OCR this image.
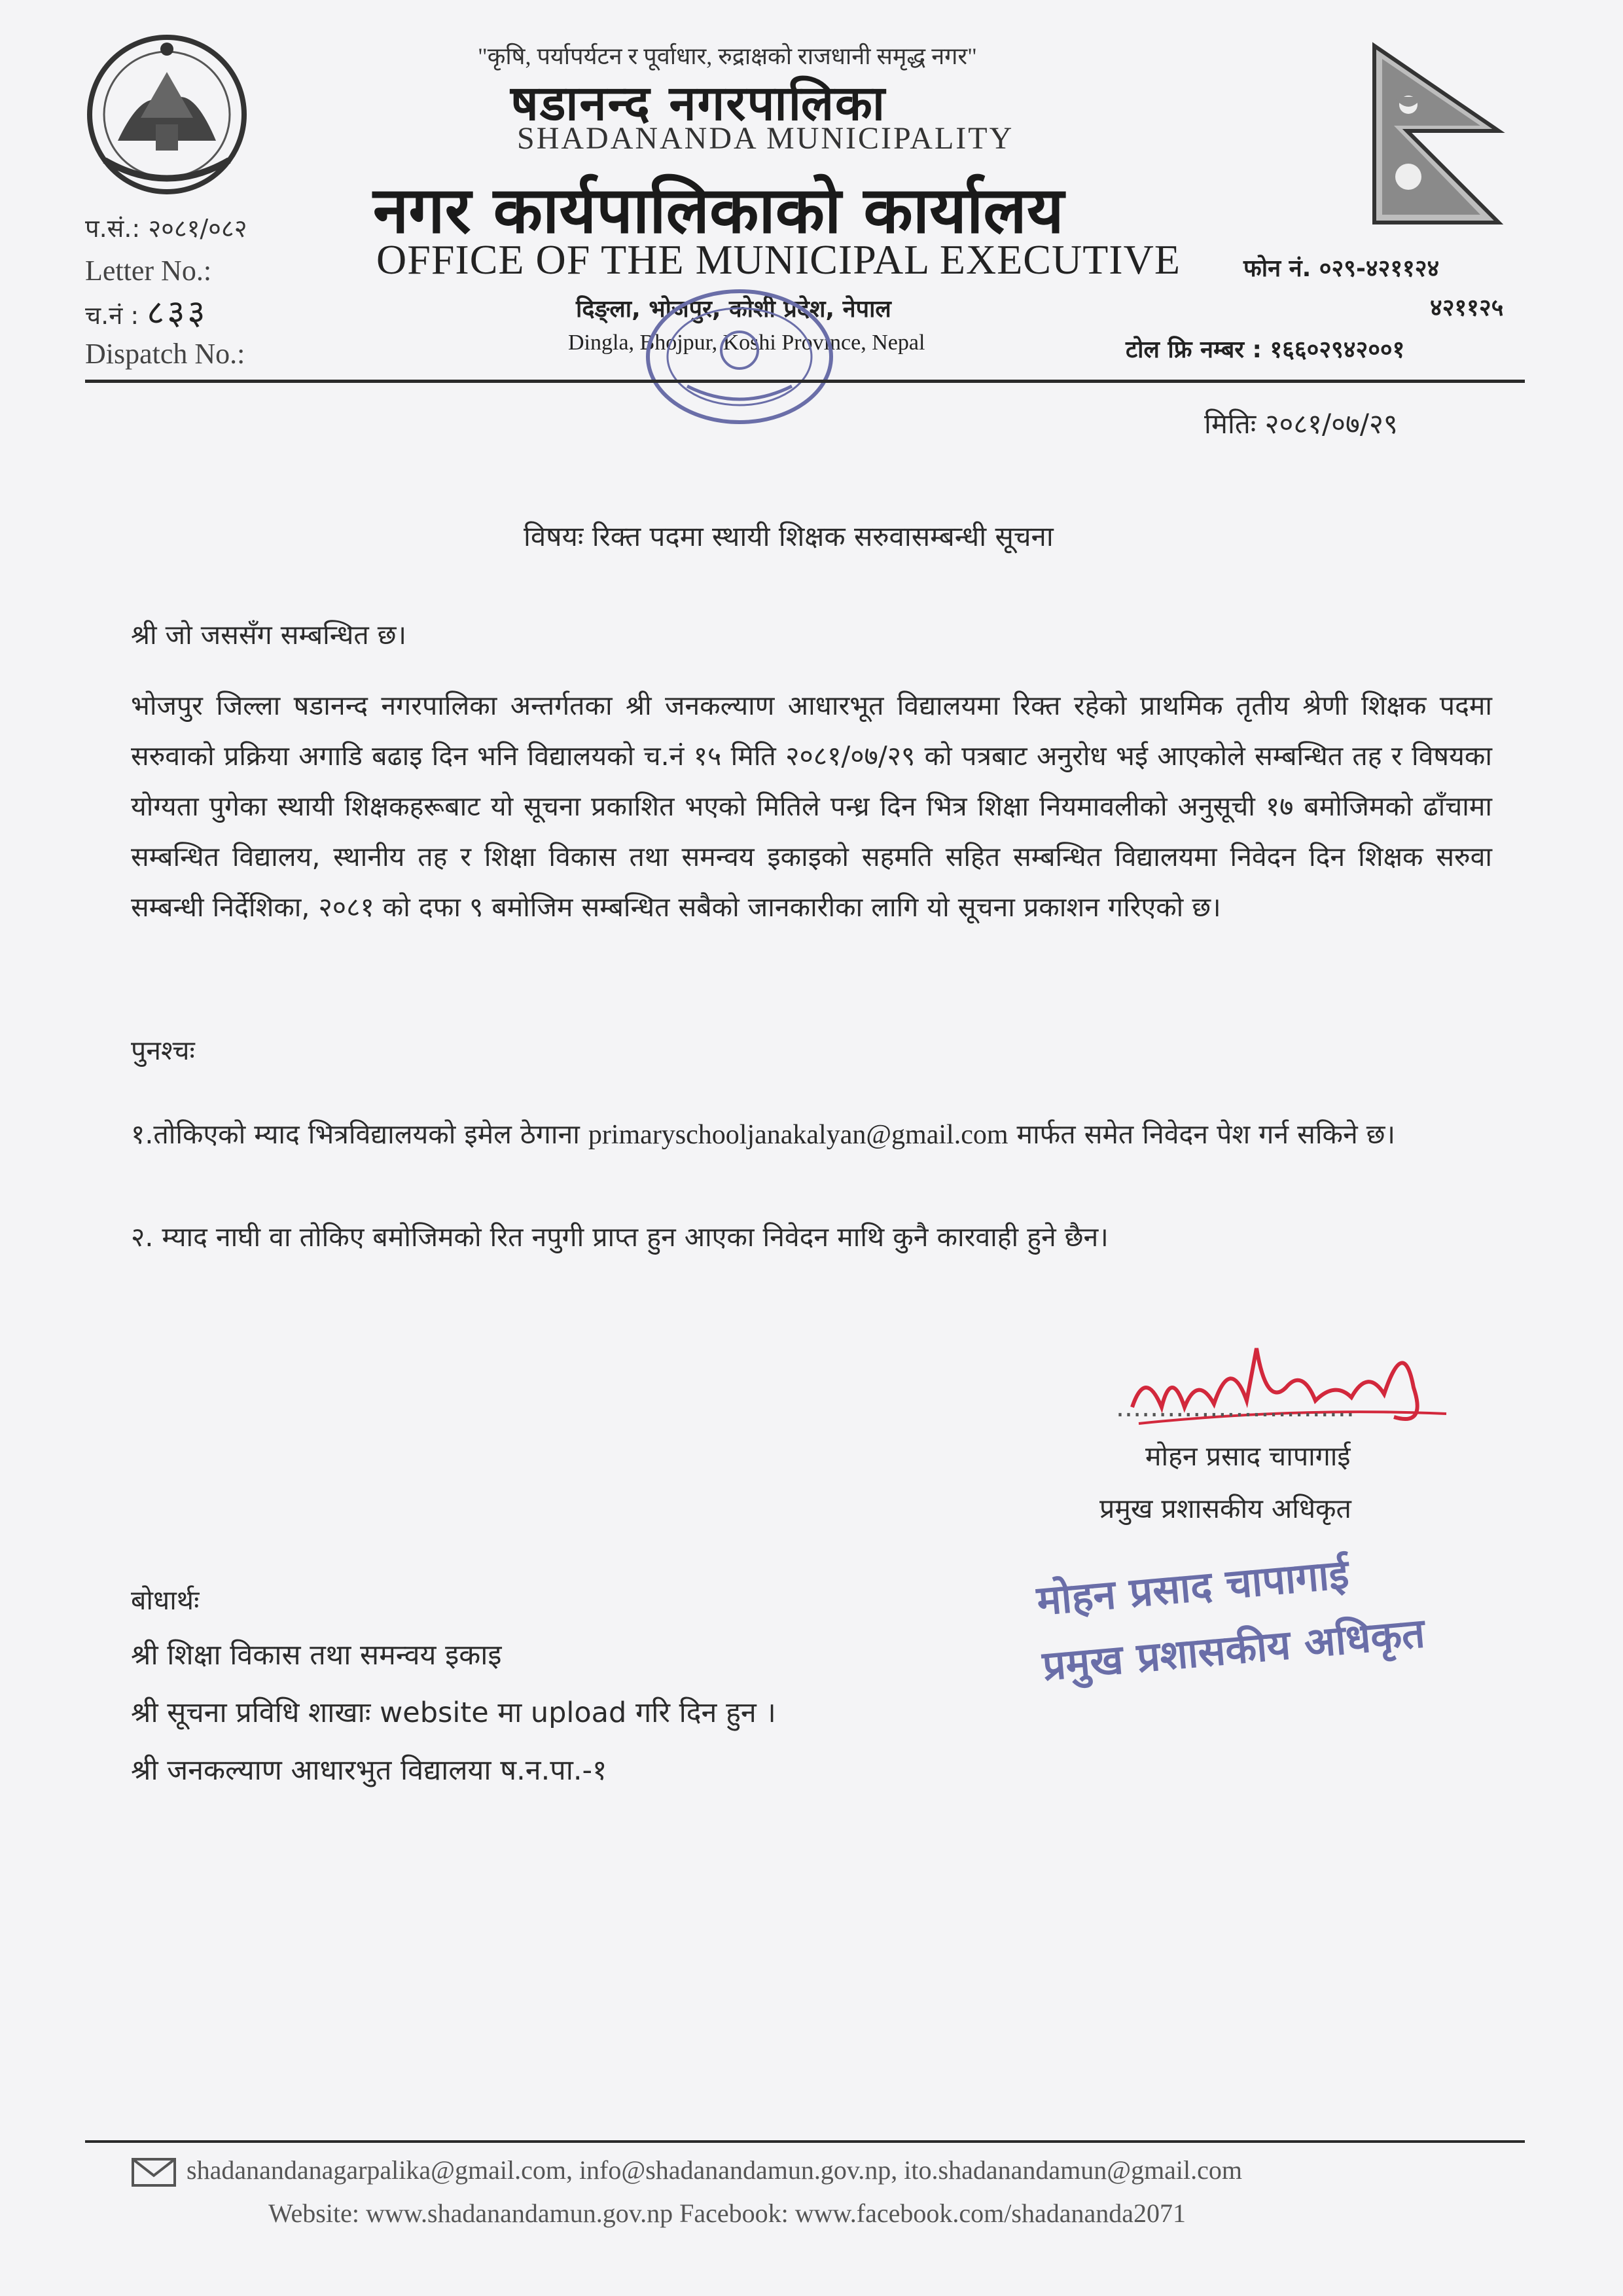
"कृषि, पर्यापर्यटन र पूर्वाधार, रुद्राक्षको राजधानी समृद्ध नगर"
षडानन्द नगरपालिका
SHADANANDA MUNICIPALITY
नगर कार्यपालिकाको कार्यालय
OFFICE OF THE MUNICIPAL EXECUTIVE
दिङ्ला, भोजपुर, कोशी प्रदेश, नेपाल
Dingla, Bhojpur, Koshi Province, Nepal
प.सं.: २०८१/०८२
Letter No.:
च.नं : ८३३
Dispatch No.:
फोन नं. ०२९-४२११२४
४२११२५
टोल फ्रि नम्बर : १६६०२९४२००१
मितिः २०८१/०७/२९
विषयः रिक्त पदमा स्थायी शिक्षक सरुवासम्बन्धी सूचना
श्री जो जससँग सम्बन्धित छ।
भोजपुर जिल्ला षडानन्द नगरपालिका अन्तर्गतका श्री जनकल्याण आधारभूत विद्यालयमा रिक्त रहेको प्राथमिक तृतीय श्रेणी शिक्षक पदमा सरुवाको प्रक्रिया अगाडि बढाइ दिन भनि विद्यालयको च.नं १५ मिति २०८१/०७/२९ को पत्रबाट अनुरोध भई आएकोले सम्बन्धित तह र विषयका योग्यता पुगेका स्थायी शिक्षकहरूबाट यो सूचना प्रकाशित भएको मितिले पन्ध्र दिन भित्र शिक्षा नियमावलीको अनुसूची १७ बमोजिमको ढाँचामा सम्बन्धित विद्यालय, स्थानीय तह र शिक्षा विकास तथा समन्वय इकाइको सहमति सहित सम्बन्धित विद्यालयमा निवेदन दिन शिक्षक सरुवा सम्बन्धी निर्देशिका, २०८१ को दफा ९ बमोजिम सम्बन्धित सबैको जानकारीका लागि यो सूचना प्रकाशन गरिएको छ।
पुनश्चः
१.तोकिएको म्याद भित्रविद्यालयको इमेल ठेगाना primaryschooljanakalyan@gmail.com मार्फत समेत निवेदन पेश गर्न सकिने छ।
२. म्याद नाघी वा तोकिए बमोजिमको रित नपुगी प्राप्त हुन आएका निवेदन माथि कुनै कारवाही हुने छैन।
............................
मोहन प्रसाद चापागाई
प्रमुख प्रशासकीय अधिकृत
मोहन प्रसाद चापागाई
प्रमुख प्रशासकीय अधिकृत
बोधार्थः
श्री शिक्षा विकास तथा समन्वय इकाइ
श्री सूचना प्रविधि शाखाः website मा upload गरि दिन हुन ।
श्री जनकल्याण आधारभुत विद्यालया ष.न.पा.-१
shadanandanagarpalika@gmail.com, info@shadanandamun.gov.np, ito.shadanandamun@gmail.com
Website: www.shadanandamun.gov.np Facebook: www.facebook.com/shadananda2071
